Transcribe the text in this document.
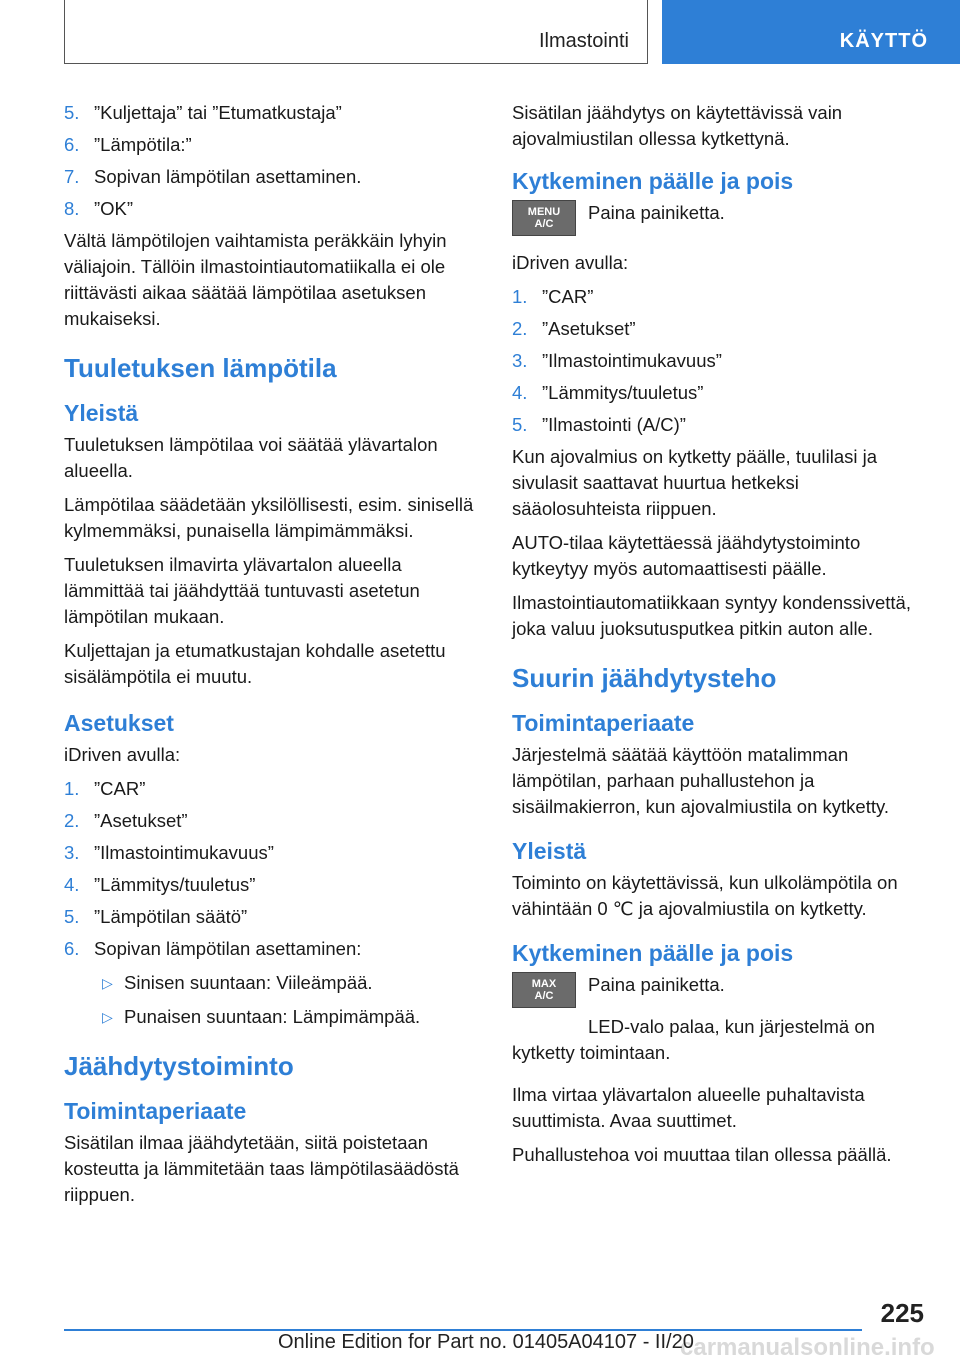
Ilmastointi	KÄYTTÖ
5. ”Kuljettaja” tai ”Etumatkustaja”
6. ”Lämpötila:”
7. Sopivan lämpötilan asettaminen.
8. ”OK”

Vältä lämpötilojen vaihtamista peräkkäin lyhyin väliajoin. Tällöin ilmastointiautomatiikalla ei ole riittävästi aikaa säätää lämpötilaa asetuksen mukaiseksi.

Tuuletuksen lämpötila
Yleistä

Tuuletuksen lämpötilaa voi säätää ylävartalon alueella.

Lämpötilaa säädetään yksilöllisesti, esim. sinisellä kylmemmäksi, punaisella lämpimämmäksi.

Tuuletuksen ilmavirta ylävartalon alueella lämmittää tai jäähdyttää tuntuvasti asetetun lämpötilan mukaan.

Kuljettajan ja etumatkustajan kohdalle asetettu sisälämpötila ei muutu.

Asetukset

iDriven avulla:

1. ”CAR”
2. ”Asetukset”
3. ”Ilmastointimukavuus”
4. ”Lämmitys/tuuletus”
5. ”Lämpötilan säätö”
6. Sopivan lämpötilan asettaminen:
▷ Sinisen suuntaan: Viileämpää.
▷ Punaisen suuntaan: Lämpimämpää.
Jäähdytystoiminto
Toimintaperiaate

Sisätilan ilmaa jäähdytetään, siitä poistetaan kosteutta ja lämmitetään taas lämpötilasäädöstä riippuen.

Sisätilan jäähdytys on käytettävissä vain ajovalmiustilan ollessa kytkettynä.

Kytkeminen päälle ja pois
MENU
A/C

Paina painiketta.

iDriven avulla:

1. ”CAR”
2. ”Asetukset”
3. ”Ilmastointimukavuus”
4. ”Lämmitys/tuuletus”
5. ”Ilmastointi (A/C)”

Kun ajovalmius on kytketty päälle, tuulilasi ja sivulasit saattavat huurtua hetkeksi sääolosuhteista riippuen.

AUTO-tilaa käytettäessä jäähdytystoiminto kytkeytyy myös automaattisesti päälle.

Ilmastointiautomatiikkaan syntyy kondenssivettä, joka valuu juoksutusputkea pitkin auton alle.

Suurin jäähdytysteho
Toimintaperiaate

Järjestelmä säätää käyttöön matalimman lämpötilan, parhaan puhallustehon ja sisäilmakierron, kun ajovalmiustila on kytketty.

Yleistä

Toiminto on käytettävissä, kun ulkolämpötila on vähintään 0 ℃ ja ajovalmiustila on kytketty.

Kytkeminen päälle ja pois
MAX
A/C

Paina painiketta.

LED-valo palaa, kun järjestelmä on kytketty toimintaan.

Ilma virtaa ylävartalon alueelle puhaltavista suuttimista. Avaa suuttimet.

Puhallustehoa voi muuttaa tilan ollessa päällä.

225
carmanualsonline.info
Online Edition for Part no. 01405A04107 - II/20
